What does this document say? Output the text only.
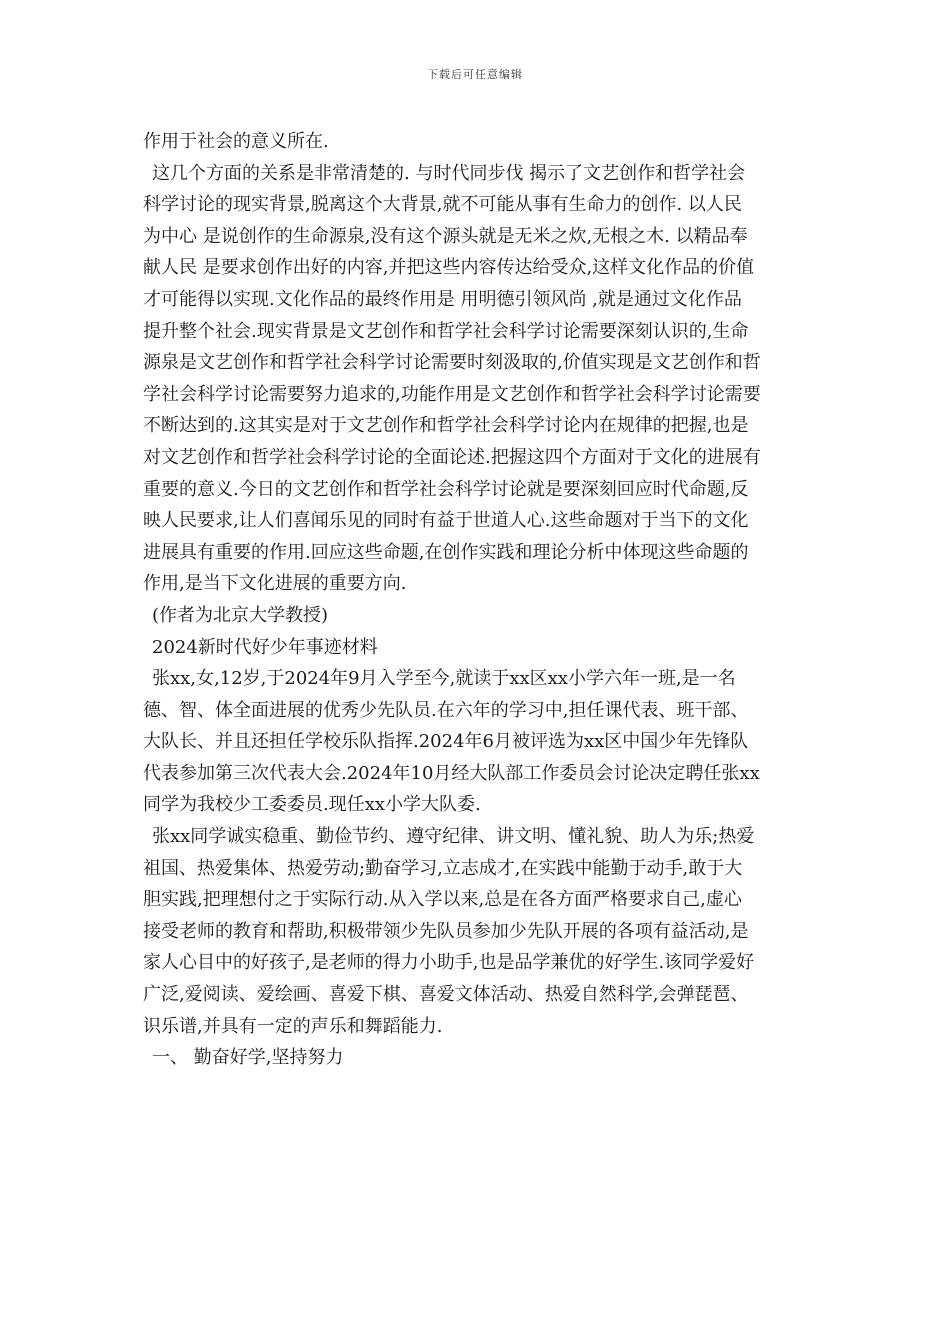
下载后可任意编辑
作用于社会的意义所在.
这几个方面的关系是非常清楚的. 与时代同步伐 揭示了文艺创作和哲学社会
科学讨论的现实背景,脱离这个大背景,就不可能从事有生命力的创作. 以人民
为中心 是说创作的生命源泉,没有这个源头就是无米之炊,无根之木. 以精品奉
献人民 是要求创作出好的内容,并把这些内容传达给受众,这样文化作品的价值
才可能得以实现.文化作品的最终作用是 用明德引领风尚 ,就是通过文化作品
提升整个社会.现实背景是文艺创作和哲学社会科学讨论需要深刻认识的,生命
源泉是文艺创作和哲学社会科学讨论需要时刻汲取的,价值实现是文艺创作和哲
学社会科学讨论需要努力追求的,功能作用是文艺创作和哲学社会科学讨论需要
不断达到的.这其实是对于文艺创作和哲学社会科学讨论内在规律的把握,也是
对文艺创作和哲学社会科学讨论的全面论述.把握这四个方面对于文化的进展有
重要的意义.今日的文艺创作和哲学社会科学讨论就是要深刻回应时代命题,反
映人民要求,让人们喜闻乐见的同时有益于世道人心.这些命题对于当下的文化
进展具有重要的作用.回应这些命题,在创作实践和理论分析中体现这些命题的
作用,是当下文化进展的重要方向.
(作者为北京大学教授)
2024新时代好少年事迹材料
张xx,女,12岁,于2024年9月入学至今,就读于xx区xx小学六年一班,是一名
德、智、体全面进展的优秀少先队员.在六年的学习中,担任课代表、班干部、
大队长、并且还担任学校乐队指挥.2024年6月被评选为xx区中国少年先锋队
代表参加第三次代表大会.2024年10月经大队部工作委员会讨论决定聘任张xx
同学为我校少工委委员.现任xx小学大队委.
张xx同学诚实稳重、勤俭节约、遵守纪律、讲文明、懂礼貌、助人为乐;热爱
祖国、热爱集体、热爱劳动;勤奋学习,立志成才,在实践中能勤于动手,敢于大
胆实践,把理想付之于实际行动.从入学以来,总是在各方面严格要求自己,虚心
接受老师的教育和帮助,积极带领少先队员参加少先队开展的各项有益活动,是
家人心目中的好孩子,是老师的得力小助手,也是品学兼优的好学生.该同学爱好
广泛,爱阅读、爱绘画、喜爱下棋、喜爱文体活动、热爱自然科学,会弹琵琶、
识乐谱,并具有一定的声乐和舞蹈能力.
一、 勤奋好学,坚持努力
